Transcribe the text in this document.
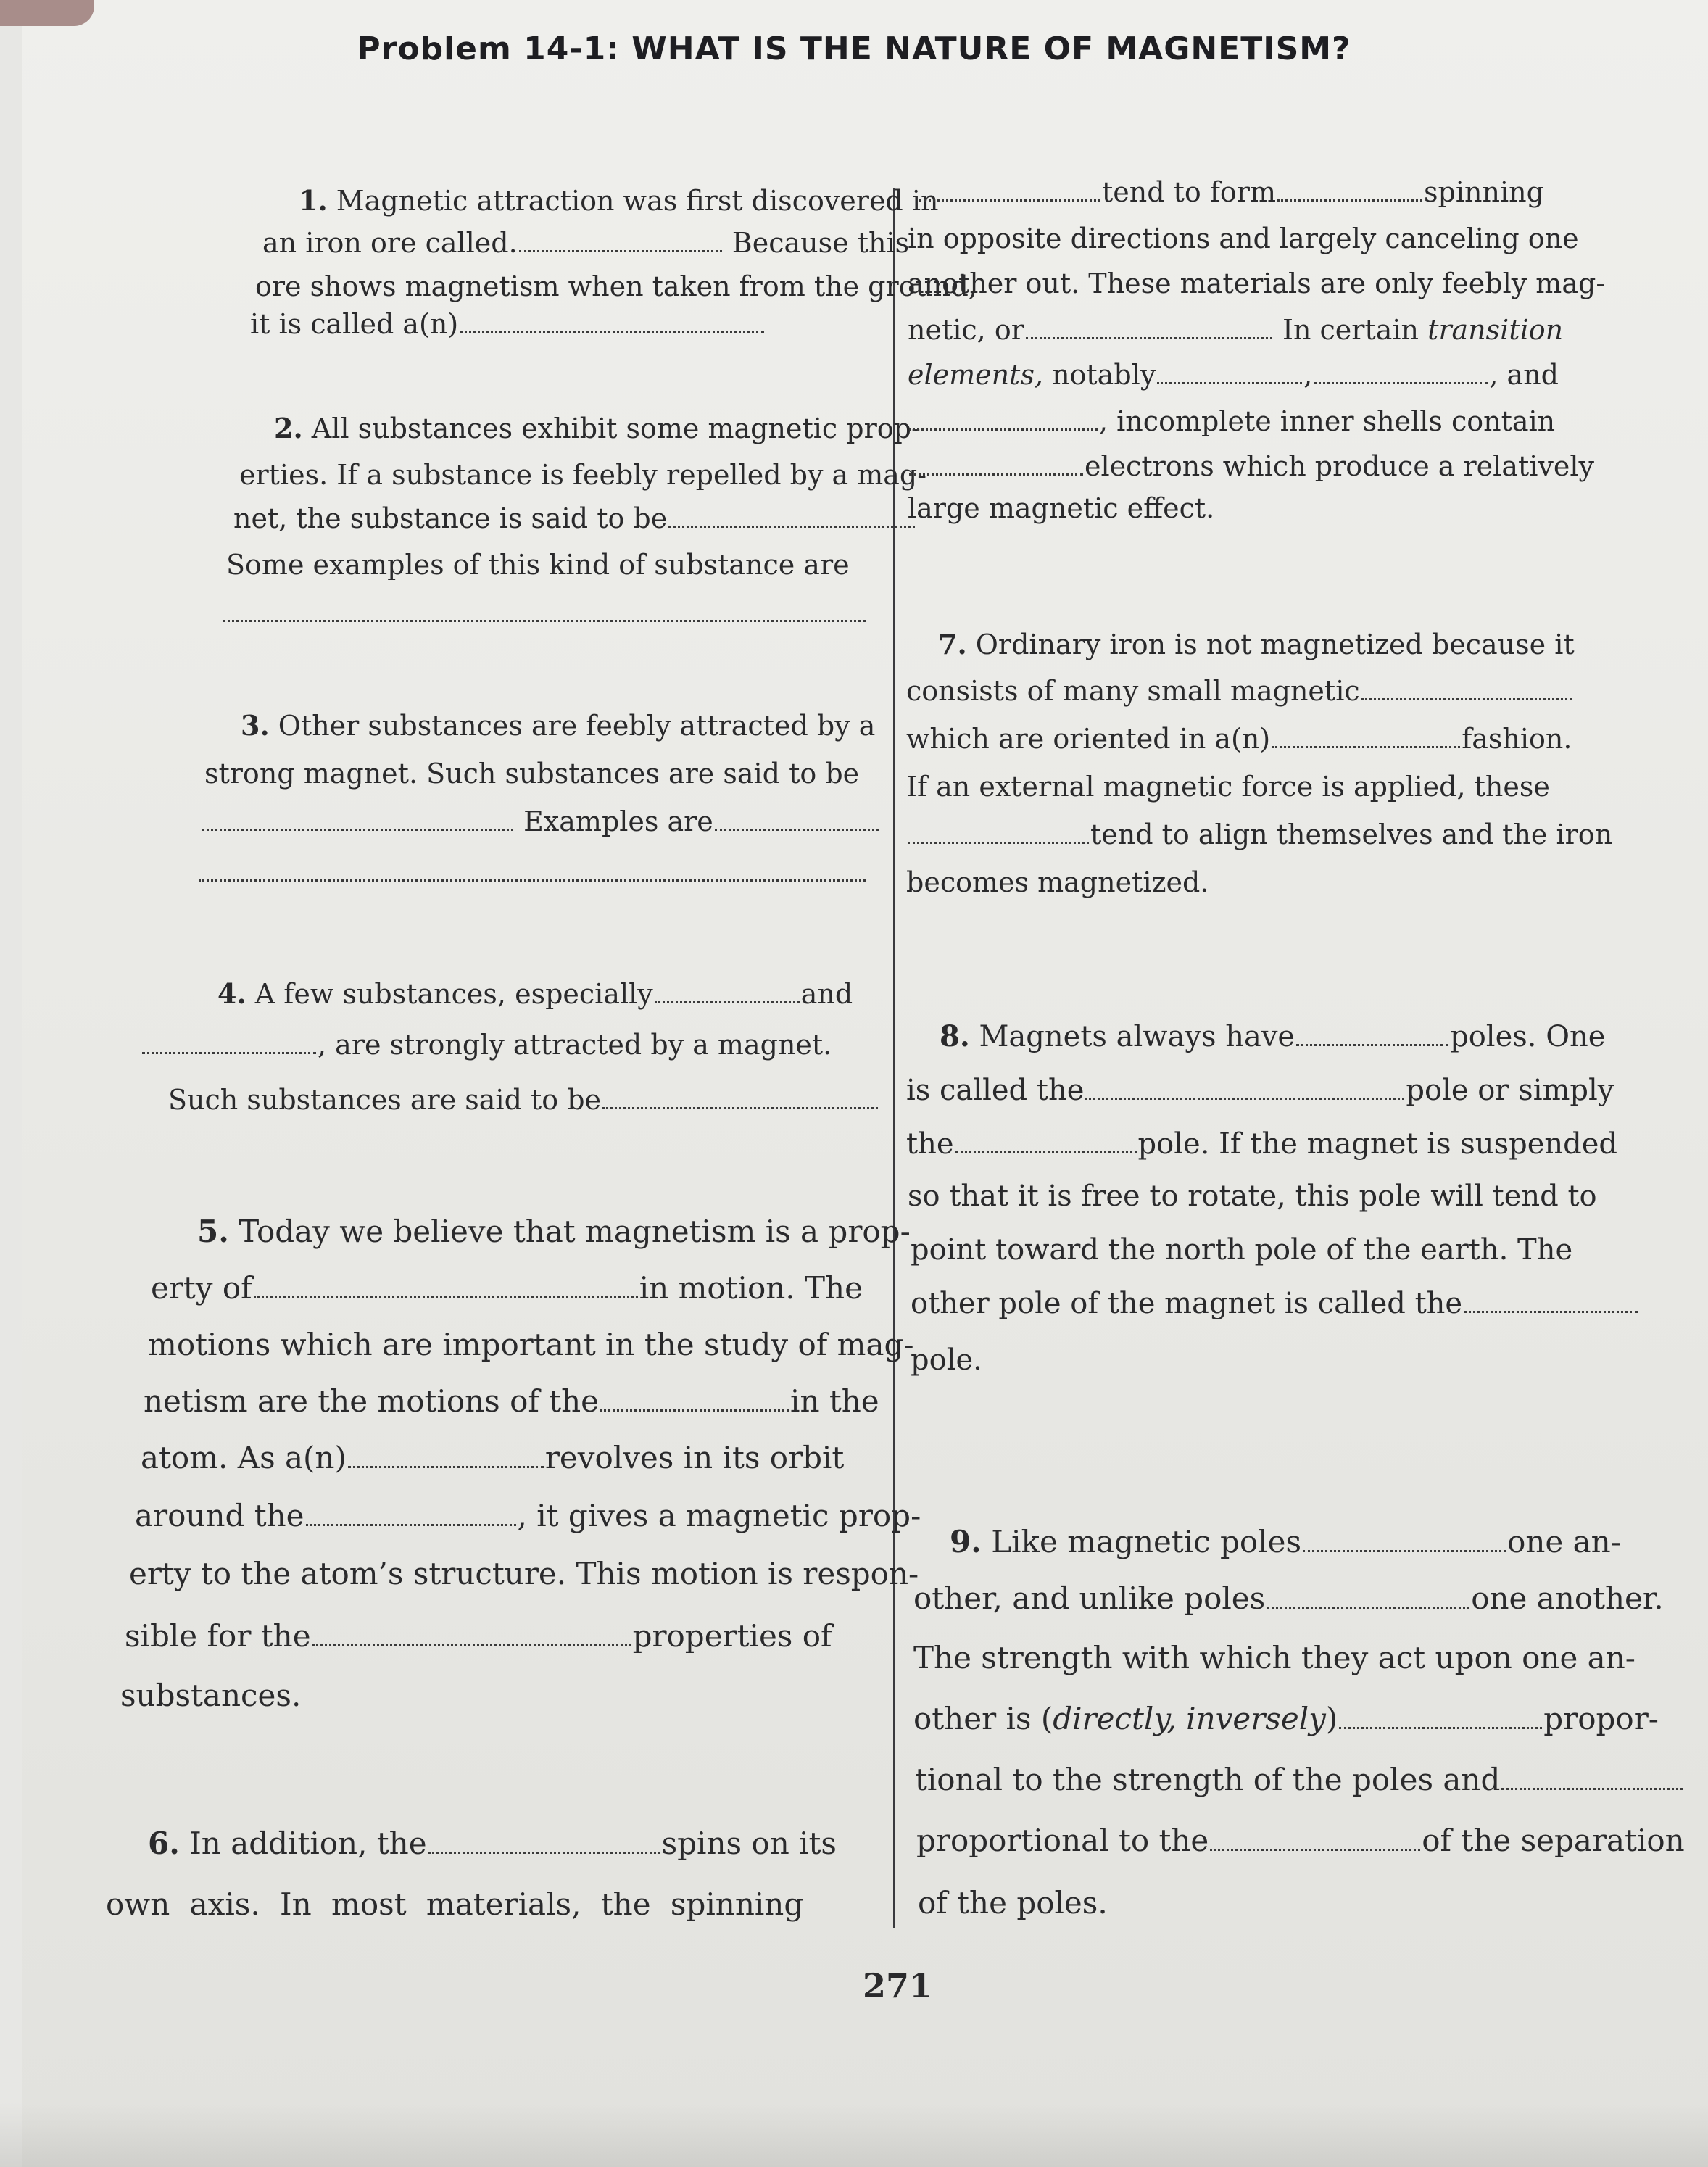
Problem 14-1: WHAT IS THE NATURE OF MAGNETISM?
1. Magnetic attraction was first discovered in
an iron ore called.	Because this
ore shows magnetism when taken from the ground,
it is called a(n)
2. All substances exhibit some magnetic prop-
erties. If a substance is feebly repelled by a mag-
net, the substance is said to be
Some examples of this kind of substance are
3. Other substances are feebly attracted by a
strong magnet. Such substances are said to be
Examples are
4. A few substances, especially	and
, are strongly attracted by a magnet.
Such substances are said to be
5. Today we believe that magnetism is a prop-
erty of	in motion. The
motions which are important in the study of mag-
netism are the motions of the	in the
atom. As a(n)	revolves in its orbit
around the	, it gives a magnetic prop-
erty to the atom’s structure. This motion is respon-
sible for the	properties of
substances.
6. In addition, the	spins on its
own axis. In most materials, the spinning
tend to form	spinning
in opposite directions and largely canceling one
another out. These materials are only feebly mag-
netic, or	In certain transition
elements, notably	,	, and
, incomplete inner shells contain
electrons which produce a relatively
large magnetic effect.
7. Ordinary iron is not magnetized because it
consists of many small magnetic
which are oriented in a(n)	fashion.
If an external magnetic force is applied, these
tend to align themselves and the iron
becomes magnetized.
8. Magnets always have	poles. One
is called the	pole or simply
the	pole. If the magnet is suspended
so that it is free to rotate, this pole will tend to
point toward the north pole of the earth. The
other pole of the magnet is called the
pole.
9. Like magnetic poles	one an-
other, and unlike poles	one another.
The strength with which they act upon one an-
other is (directly, inversely)	propor-
tional to the strength of the poles and
proportional to the	of the separation
of the poles.
271
